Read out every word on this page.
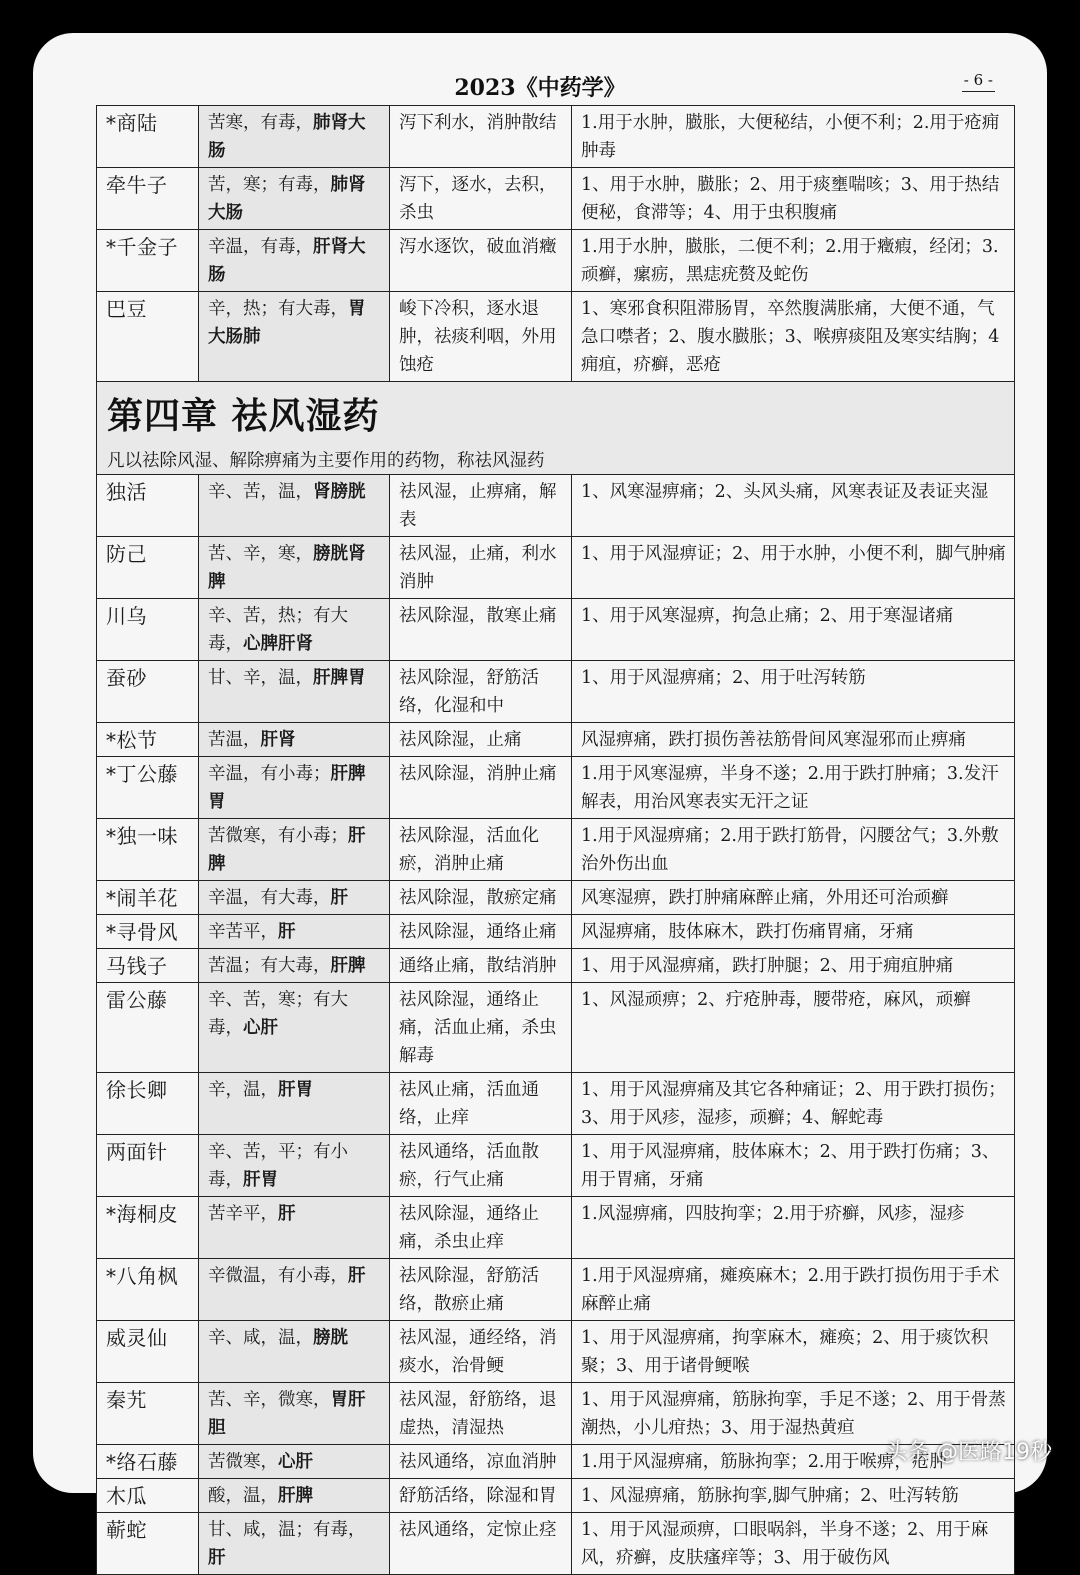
2023《中药学》	- 6 -
*商陆	苦寒，有毒，肺肾大肠	泻下利水，消肿散结	1.用于水肿，臌胀，大便秘结，小便不利；2.用于疮痈肿毒
牵牛子	苦，寒；有毒，肺肾大肠	泻下，逐水，去积，杀虫	1、用于水肿，臌胀；2、用于痰壅喘咳；3、用于热结便秘，食滞等；4、用于虫积腹痛
*千金子	辛温，有毒，肝肾大肠	泻水逐饮，破血消癥	1.用于水肿，臌胀，二便不利；2.用于癥瘕，经闭；3.顽癣，瘰疬，黑痣疣赘及蛇伤
巴豆	辛，热；有大毒，胃大肠肺	峻下冷积，逐水退肿，祛痰利咽，外用蚀疮	1、寒邪食积阻滞肠胃，卒然腹满胀痛，大便不通，气急口噤者；2、腹水臌胀；3、喉痹痰阻及寒实结胸；4 痈疽，疥癣，恶疮

第四章 祛风湿药
凡以祛除风湿、解除痹痛为主要作用的药物，称祛风湿药			

独活	辛、苦，温，肾膀胱	祛风湿，止痹痛，解表	1、风寒湿痹痛；2、头风头痛，风寒表证及表证夹湿
防己	苦、辛，寒，膀胱肾脾	祛风湿，止痛，利水消肿	1、用于风湿痹证；2、用于水肿，小便不利，脚气肿痛
川乌	辛、苦，热；有大毒，心脾肝肾	祛风除湿，散寒止痛	1、用于风寒湿痹，拘急止痛；2、用于寒湿诸痛
蚕砂	甘、辛，温，肝脾胃	祛风除湿，舒筋活络，化湿和中	1、用于风湿痹痛；2、用于吐泻转筋
*松节	苦温，肝肾	祛风除湿，止痛	风湿痹痛，跌打损伤善祛筋骨间风寒湿邪而止痹痛
*丁公藤	辛温，有小毒；肝脾胃	祛风除湿，消肿止痛	1.用于风寒湿痹，半身不遂；2.用于跌打肿痛；3.发汗解表，用治风寒表实无汗之证
*独一味	苦微寒，有小毒；肝脾	祛风除湿，活血化瘀，消肿止痛	1.用于风湿痹痛；2.用于跌打筋骨，闪腰岔气；3.外敷治外伤出血
*闹羊花	辛温，有大毒，肝	祛风除湿，散瘀定痛	风寒湿痹，跌打肿痛麻醉止痛，外用还可治顽癣
*寻骨风	辛苦平，肝	祛风除湿，通络止痛	风湿痹痛，肢体麻木，跌打伤痛胃痛，牙痛
马钱子	苦温；有大毒，肝脾	通络止痛，散结消肿	1、用于风湿痹痛，跌打肿腿；2、用于痈疽肿痛
雷公藤	辛、苦，寒；有大毒，心肝	祛风除湿，通络止痛，活血止痛，杀虫解毒	1、风湿顽痹；2、疔疮肿毒，腰带疮，麻风，顽癣
徐长卿	辛，温，肝胃	祛风止痛，活血通络，止痒	1、用于风湿痹痛及其它各种痛证；2、用于跌打损伤；3、用于风疹，湿疹，顽癣；4、解蛇毒
两面针	辛、苦，平；有小毒，肝胃	祛风通络，活血散瘀，行气止痛	1、用于风湿痹痛，肢体麻木；2、用于跌打伤痛；3、用于胃痛，牙痛
*海桐皮	苦辛平，肝	祛风除湿，通络止痛，杀虫止痒	1.风湿痹痛，四肢拘挛；2.用于疥癣，风疹，湿疹
*八角枫	辛微温，有小毒，肝	祛风除湿，舒筋活络，散瘀止痛	1.用于风湿痹痛，瘫痪麻木；2.用于跌打损伤用于手术麻醉止痛
威灵仙	辛、咸，温，膀胱	祛风湿，通经络，消痰水，治骨鲠	1、用于风湿痹痛，拘挛麻木，瘫痪；2、用于痰饮积聚；3、用于诸骨鲠喉
秦艽	苦、辛，微寒，胃肝胆	祛风湿，舒筋络，退虚热，清湿热	1、用于风湿痹痛，筋脉拘挛，手足不遂；2、用于骨蒸潮热，小儿疳热；3、用于湿热黄疸
*络石藤	苦微寒，心肝	祛风通络，凉血消肿	1.用于风湿痹痛，筋脉拘挛；2.用于喉痹，疮肿
木瓜	酸，温，肝脾	舒筋活络，除湿和胃	1、风湿痹痛，筋脉拘挛,脚气肿痛；2、吐泻转筋
蕲蛇	甘、咸，温；有毒，肝	祛风通络，定惊止痉	1、用于风湿顽痹，口眼㖞斜，半身不遂；2、用于麻风，疥癣，皮肤瘙痒等；3、用于破伤风
头条 @医路19秒
